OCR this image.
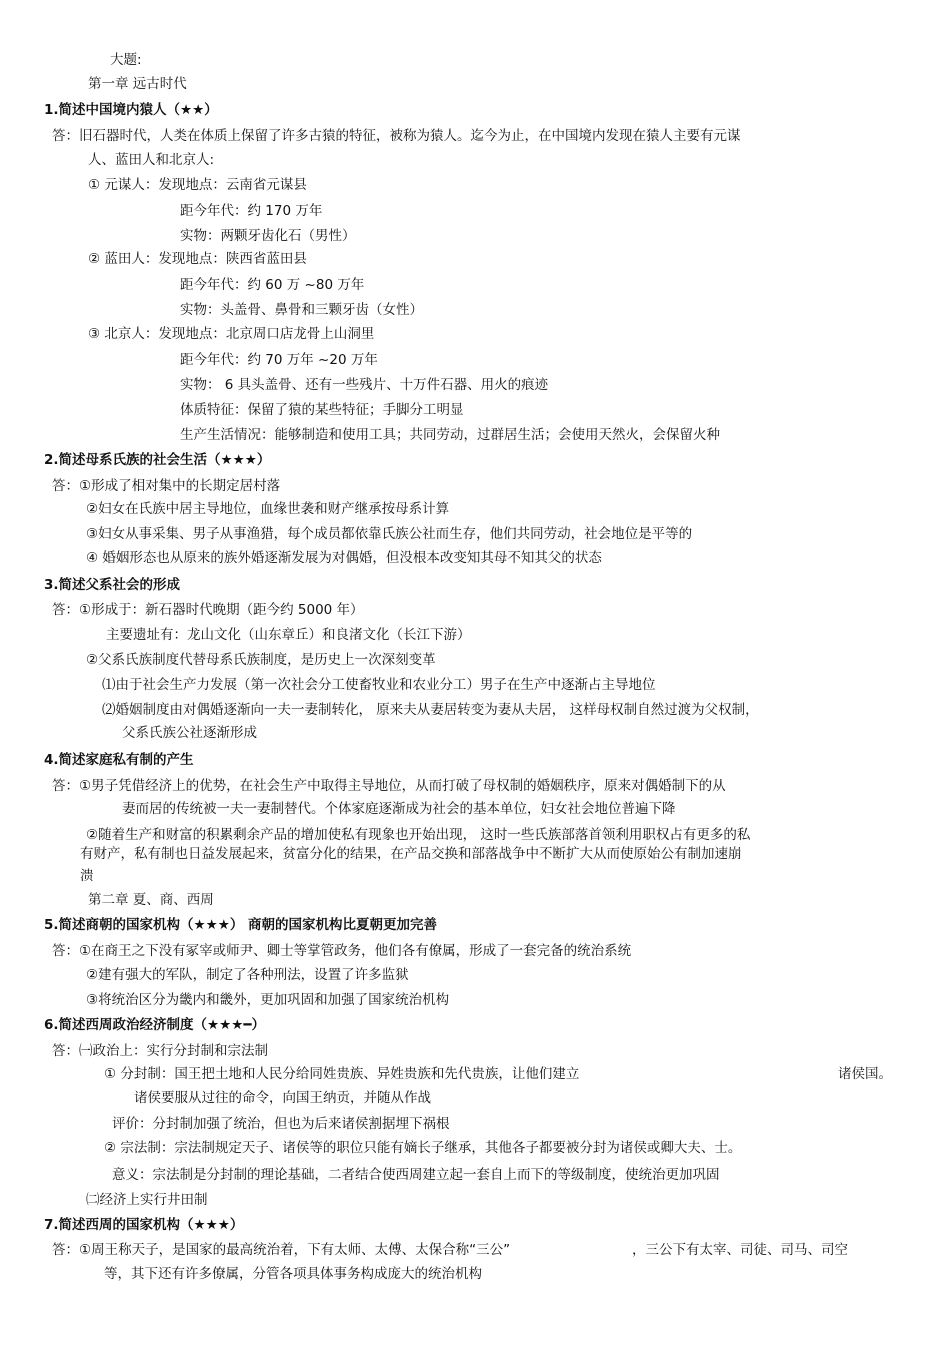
大题:
第一章 远古时代
1.简述中国境内猿人（★★）
答：旧石器时代，人类在体质上保留了许多古猿的特征，被称为猿人。迄今为止，在中国境内发现在猿人主要有元谋
人、蓝田人和北京人:
① 元谋人：发现地点：云南省元谋县
距今年代：约 170 万年
实物：两颗牙齿化石（男性）
② 蓝田人：发现地点：陕西省蓝田县
距今年代：约 60 万 ~80 万年
实物：头盖骨、鼻骨和三颗牙齿（女性）
③ 北京人：发现地点：北京周口店龙骨上山洞里
距今年代：约 70 万年 ~20 万年
实物： 6 具头盖骨、还有一些残片、十万件石器、用火的痕迹
体质特征：保留了猿的某些特征；手脚分工明显
生产生活情况：能够制造和使用工具；共同劳动，过群居生活；会使用天然火，会保留火种
2.简述母系氏族的社会生活（★★★）
答：①形成了相对集中的长期定居村落
②妇女在氏族中居主导地位，血缘世袭和财产继承按母系计算
③妇女从事采集、男子从事渔猎，每个成员都依靠氏族公社而生存，他们共同劳动，社会地位是平等的
④ 婚姻形态也从原来的族外婚逐渐发展为对偶婚，但没根本改变知其母不知其父的状态
3.简述父系社会的形成
答：①形成于：新石器时代晚期（距今约 5000 年）
主要遗址有：龙山文化（山东章丘）和良渚文化（长江下游）
②父系氏族制度代替母系氏族制度，是历史上一次深刻变革
⑴由于社会生产力发展（第一次社会分工使畜牧业和农业分工）男子在生产中逐渐占主导地位
⑵婚姻制度由对偶婚逐渐向一夫一妻制转化， 原来夫从妻居转变为妻从夫居， 这样母权制自然过渡为父权制，
父系氏族公社逐渐形成
4.简述家庭私有制的产生
答：①男子凭借经济上的优势，在社会生产中取得主导地位，从而打破了母权制的婚姻秩序，原来对偶婚制下的从
妻而居的传统被一夫一妻制替代。个体家庭逐渐成为社会的基本单位，妇女社会地位普遍下降
②随着生产和财富的积累剩余产品的增加使私有现象也开始出现， 这时一些氏族部落首领利用职权占有更多的私
有财产，私有制也日益发展起来，贫富分化的结果，在产品交换和部落战争中不断扩大从而使原始公有制加速崩
溃
第二章 夏、商、西周
5.简述商朝的国家机构（★★★） 商朝的国家机构比夏朝更加完善
答：①在商王之下没有冢宰或师尹、卿士等掌管政务，他们各有僚属，形成了一套完备的统治系统
②建有强大的军队，制定了各种刑法，设置了许多监狱
③将统治区分为畿内和畿外，更加巩固和加强了国家统治机构
6.简述西周政治经济制度（★★★━）
答：㈠政治上：实行分封制和宗法制
① 分封制：国王把土地和人民分给同姓贵族、异姓贵族和先代贵族，让他们建立	诸侯国。
诸侯要服从过往的命令，向国王纳贡，并随从作战
评价：分封制加强了统治，但也为后来诸侯割据埋下祸根
② 宗法制：宗法制规定天子、诸侯等的职位只能有嫡长子继承，其他各子都要被分封为诸侯或卿大夫、士。
意义：宗法制是分封制的理论基础，二者结合使西周建立起一套自上而下的等级制度，使统治更加巩固
㈡经济上实行井田制
7.简述西周的国家机构（★★★）
答：①周王称天子，是国家的最高统治着，下有太师、太傅、太保合称“三公”	，三公下有太宰、司徒、司马、司空
等，其下还有许多僚属，分管各项具体事务构成庞大的统治机构
